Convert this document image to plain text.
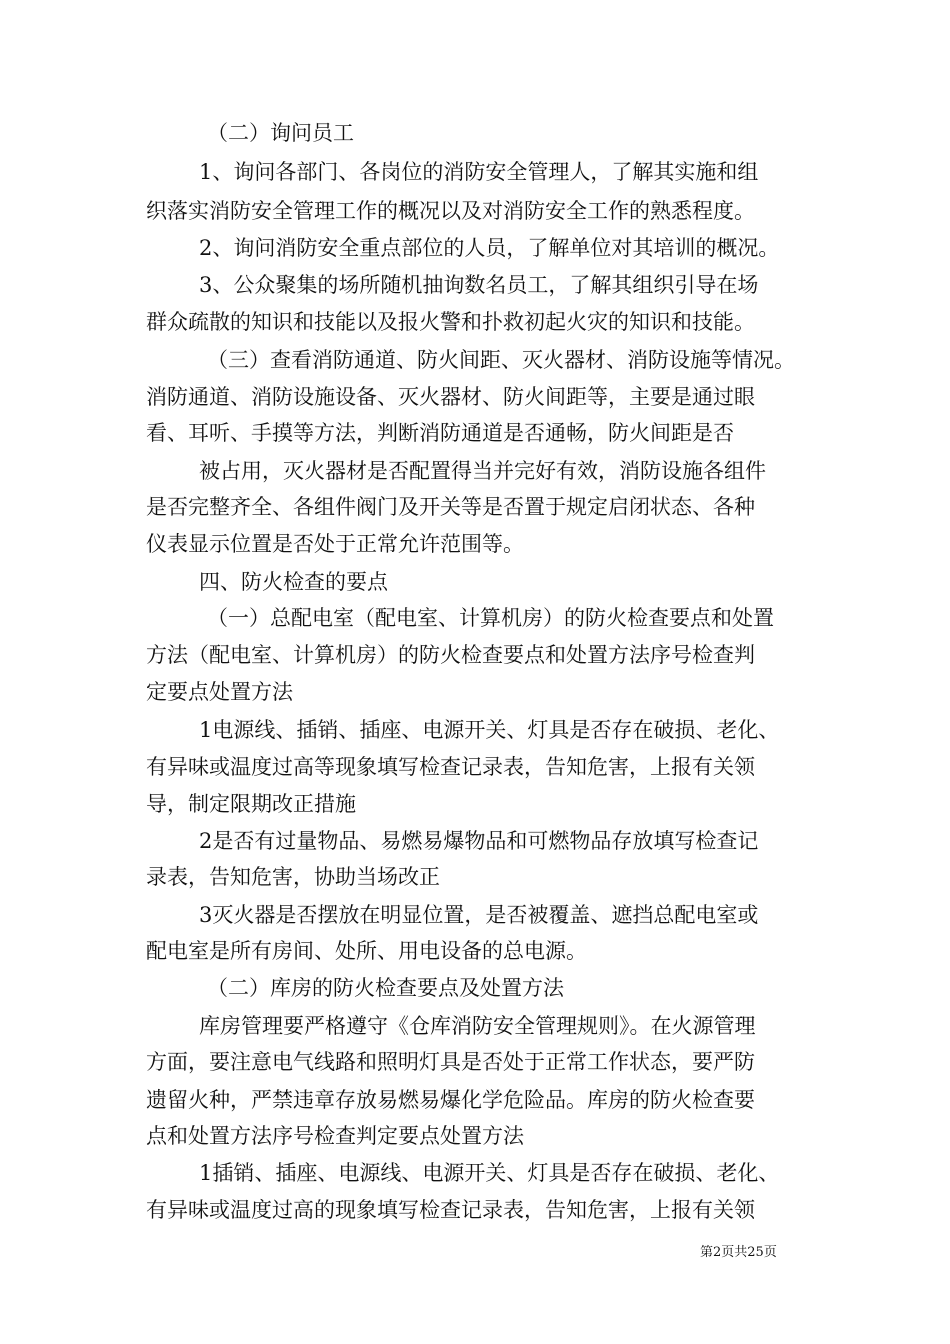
（二）询问员工
1、询问各部门、各岗位的消防安全管理人，了解其实施和组
织落实消防安全管理工作的概况以及对消防安全工作的熟悉程度。
2、询问消防安全重点部位的人员，了解单位对其培训的概况。
3、公众聚集的场所随机抽询数名员工，了解其组织引导在场
群众疏散的知识和技能以及报火警和扑救初起火灾的知识和技能。
（三）查看消防通道、防火间距、灭火器材、消防设施等情况。
消防通道、消防设施设备、灭火器材、防火间距等，主要是通过眼
看、耳听、手摸等方法，判断消防通道是否通畅，防火间距是否
被占用，灭火器材是否配置得当并完好有效，消防设施各组件
是否完整齐全、各组件阀门及开关等是否置于规定启闭状态、各种
仪表显示位置是否处于正常允许范围等。
四、防火检查的要点
（一）总配电室（配电室、计算机房）的防火检查要点和处置
方法（配电室、计算机房）的防火检查要点和处置方法序号检查判
定要点处置方法
1电源线、插销、插座、电源开关、灯具是否存在破损、老化、
有异味或温度过高等现象填写检查记录表，告知危害，上报有关领
导，制定限期改正措施
2是否有过量物品、易燃易爆物品和可燃物品存放填写检查记
录表，告知危害，协助当场改正
3灭火器是否摆放在明显位置，是否被覆盖、遮挡总配电室或
配电室是所有房间、处所、用电设备的总电源。
（二）库房的防火检查要点及处置方法
库房管理要严格遵守《仓库消防安全管理规则》。在火源管理
方面，要注意电气线路和照明灯具是否处于正常工作状态，要严防
遗留火种，严禁违章存放易燃易爆化学危险品。库房的防火检查要
点和处置方法序号检查判定要点处置方法
1插销、插座、电源线、电源开关、灯具是否存在破损、老化、
有异味或温度过高的现象填写检查记录表，告知危害，上报有关领
第2页共25页
